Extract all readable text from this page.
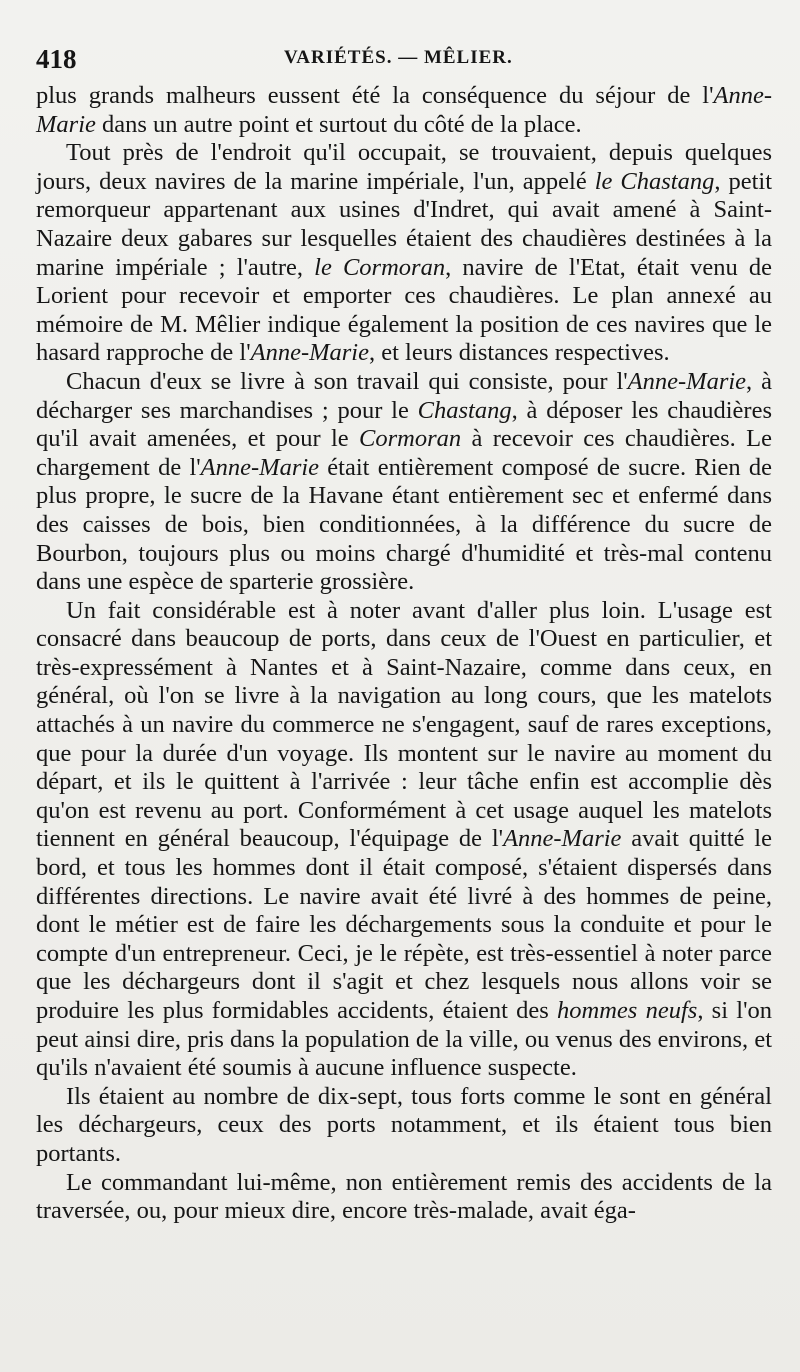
418	VARIÉTÉS. — MÊLIER.

plus grands malheurs eussent été la conséquence du séjour de l'Anne-Marie dans un autre point et surtout du côté de la place.

Tout près de l'endroit qu'il occupait, se trouvaient, depuis quelques jours, deux navires de la marine impériale, l'un, appelé le Chastang, petit remorqueur appartenant aux usines d'Indret, qui avait amené à Saint-Nazaire deux gabares sur lesquelles étaient des chaudières destinées à la marine impériale ; l'autre, le Cormoran, navire de l'Etat, était venu de Lorient pour recevoir et emporter ces chaudières. Le plan annexé au mémoire de M. Mêlier indique également la position de ces navires que le hasard rapproche de l'Anne-Marie, et leurs distances respectives.

Chacun d'eux se livre à son travail qui consiste, pour l'Anne-Marie, à décharger ses marchandises ; pour le Chastang, à déposer les chaudières qu'il avait amenées, et pour le Cormoran à recevoir ces chaudières. Le chargement de l'Anne-Marie était entièrement composé de sucre. Rien de plus propre, le sucre de la Havane étant entièrement sec et enfermé dans des caisses de bois, bien conditionnées, à la différence du sucre de Bourbon, toujours plus ou moins chargé d'humidité et très-mal contenu dans une espèce de sparterie grossière.

Un fait considérable est à noter avant d'aller plus loin. L'usage est consacré dans beaucoup de ports, dans ceux de l'Ouest en particulier, et très-expressément à Nantes et à Saint-Nazaire, comme dans ceux, en général, où l'on se livre à la navigation au long cours, que les matelots attachés à un navire du commerce ne s'engagent, sauf de rares exceptions, que pour la durée d'un voyage. Ils montent sur le navire au moment du départ, et ils le quittent à l'arrivée : leur tâche enfin est accomplie dès qu'on est revenu au port. Conformément à cet usage auquel les matelots tiennent en général beaucoup, l'équipage de l'Anne-Marie avait quitté le bord, et tous les hommes dont il était composé, s'étaient dispersés dans différentes directions. Le navire avait été livré à des hommes de peine, dont le métier est de faire les déchargements sous la conduite et pour le compte d'un entrepreneur. Ceci, je le répète, est très-essentiel à noter parce que les déchargeurs dont il s'agit et chez lesquels nous allons voir se produire les plus formidables accidents, étaient des hommes neufs, si l'on peut ainsi dire, pris dans la population de la ville, ou venus des environs, et qu'ils n'avaient été soumis à aucune influence suspecte.

Ils étaient au nombre de dix-sept, tous forts comme le sont en général les déchargeurs, ceux des ports notamment, et ils étaient tous bien portants.

Le commandant lui-même, non entièrement remis des accidents de la traversée, ou, pour mieux dire, encore très-malade, avait éga-
